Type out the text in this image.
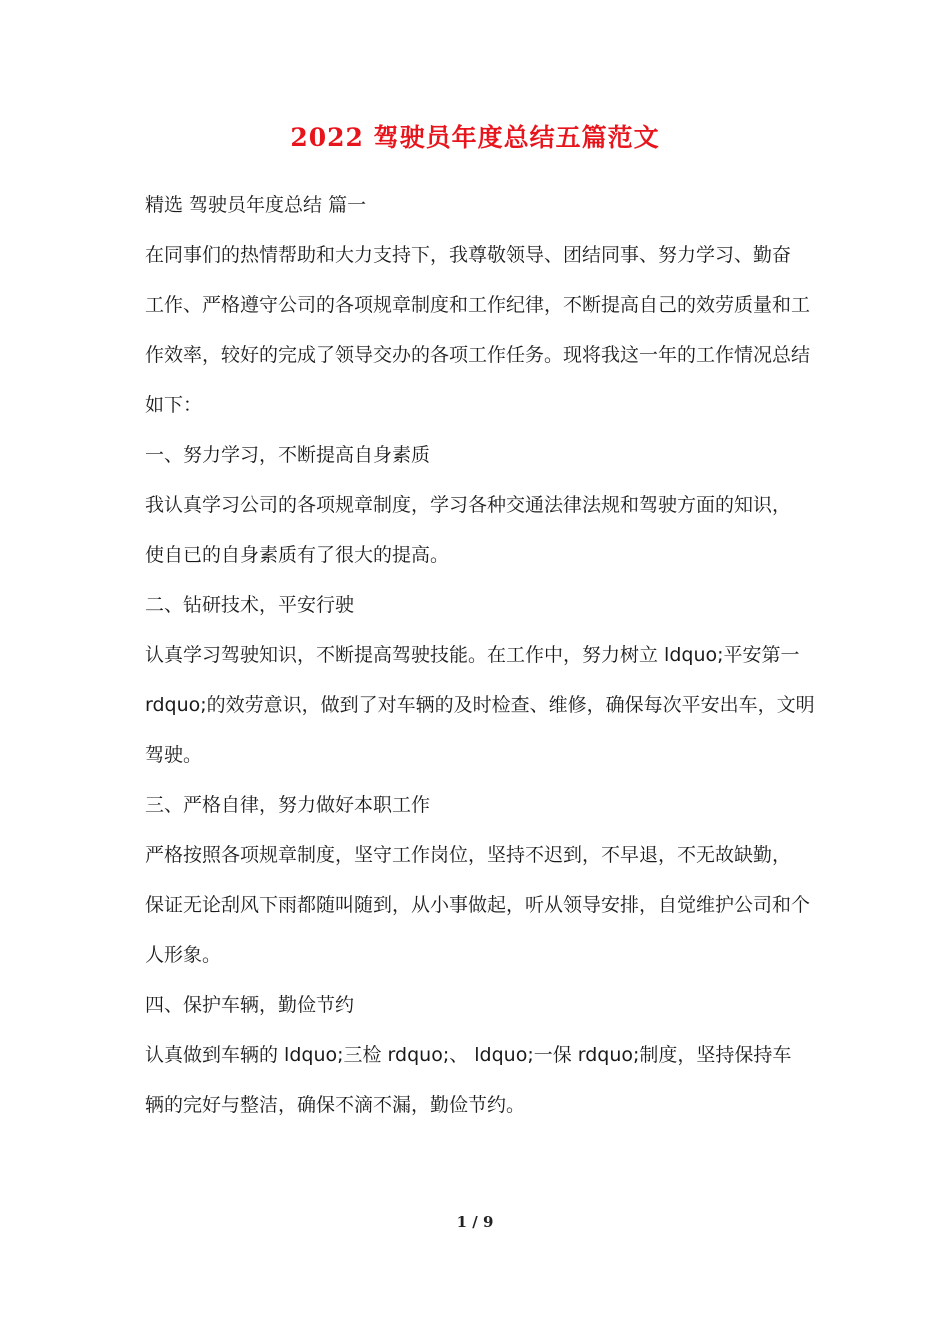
2022 驾驶员年度总结五篇范文
精选 驾驶员年度总结 篇一
在同事们的热情帮助和大力支持下，我尊敬领导、团结同事、努力学习、勤奋
工作、严格遵守公司的各项规章制度和工作纪律，不断提高自己的效劳质量和工
作效率，较好的完成了领导交办的各项工作任务。现将我这一年的工作情况总结
如下：
一、努力学习，不断提高自身素质
我认真学习公司的各项规章制度，学习各种交通法律法规和驾驶方面的知识，
使自已的自身素质有了很大的提高。
二、钻研技术，平安行驶
认真学习驾驶知识，不断提高驾驶技能。在工作中，努力树立 ldquo;平安第一
rdquo;的效劳意识，做到了对车辆的及时检查、维修，确保每次平安出车，文明
驾驶。
三、严格自律，努力做好本职工作
严格按照各项规章制度，坚守工作岗位，坚持不迟到，不早退，不无故缺勤，
保证无论刮风下雨都随叫随到，从小事做起，听从领导安排，自觉维护公司和个
人形象。
四、保护车辆，勤俭节约
认真做到车辆的 ldquo;三检 rdquo;、 ldquo;一保 rdquo;制度，坚持保持车
辆的完好与整洁，确保不滴不漏，勤俭节约。
1 / 9
